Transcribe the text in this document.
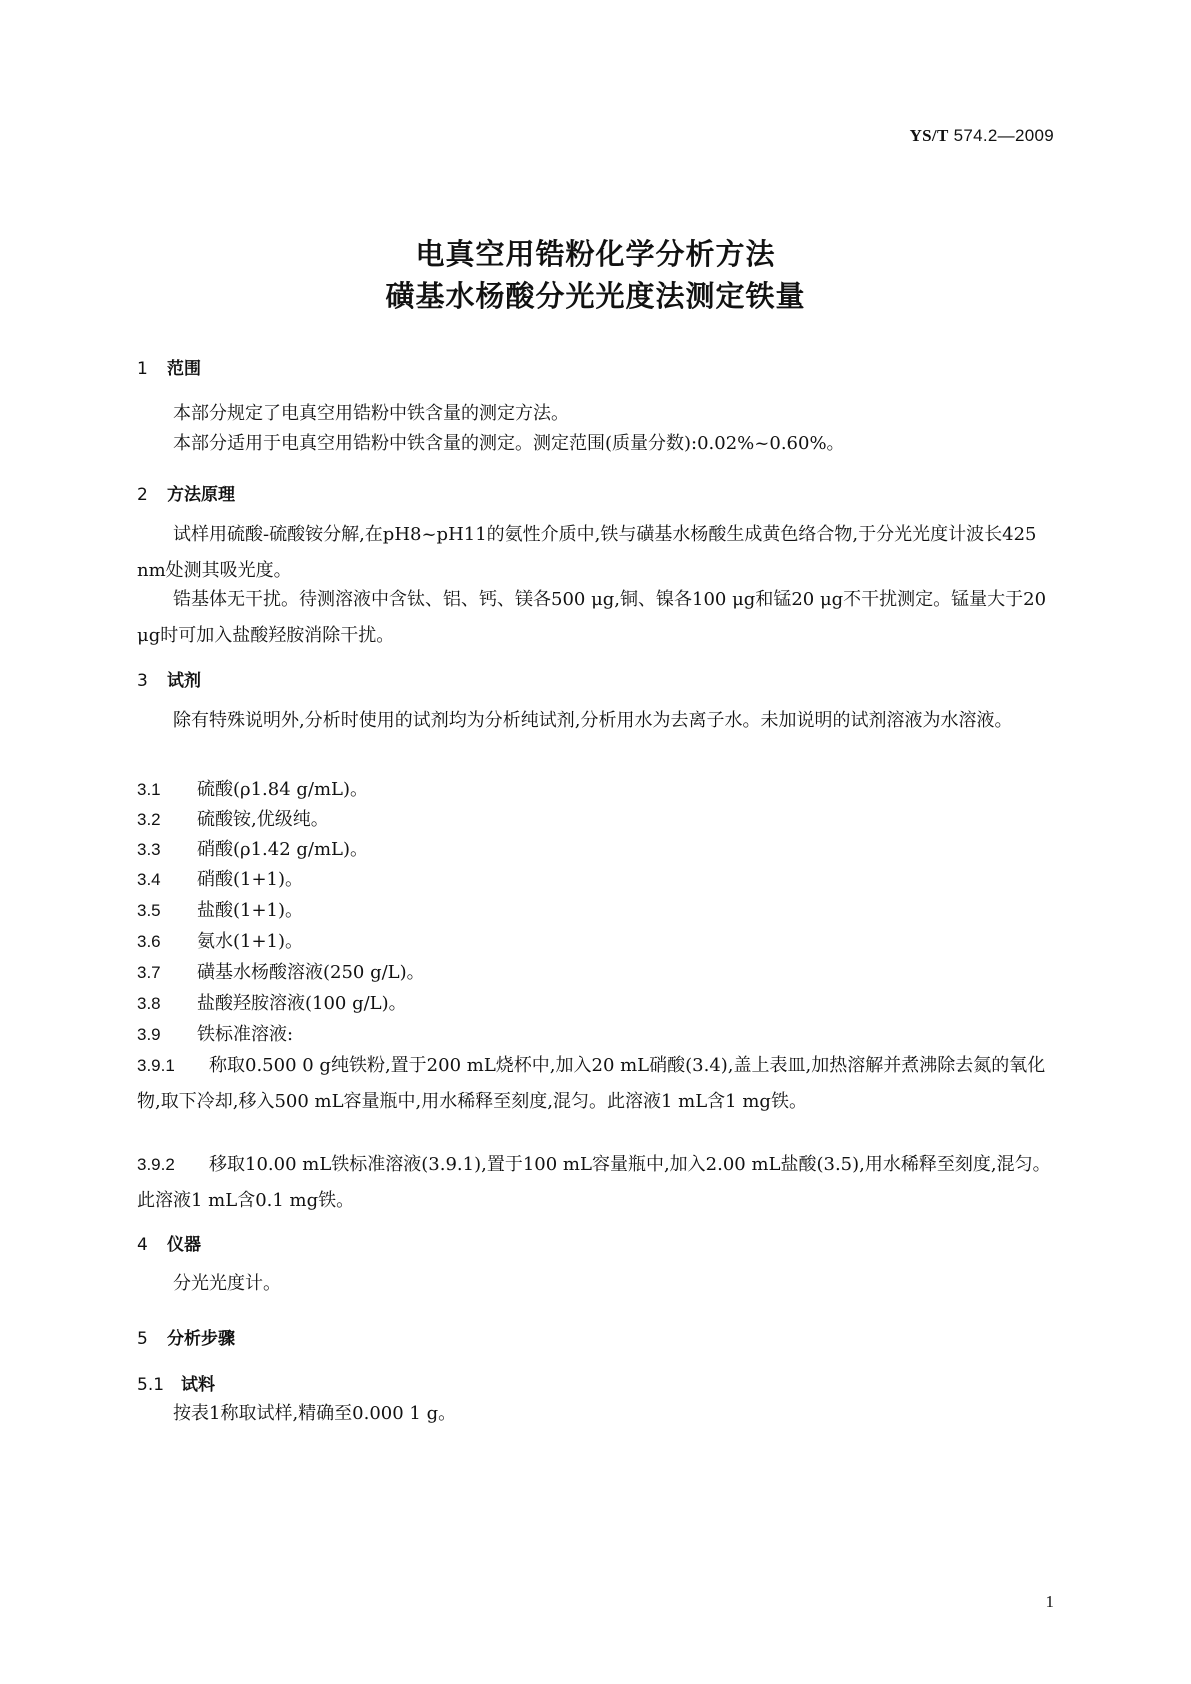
YS/T 574.2—2009
电真空用锆粉化学分析方法
磺基水杨酸分光光度法测定铁量
1 范围
本部分规定了电真空用锆粉中铁含量的测定方法。
本部分适用于电真空用锆粉中铁含量的测定。测定范围(质量分数):0.02%~0.60%。
2 方法原理
试样用硫酸-硫酸铵分解,在pH8~pH11的氨性介质中,铁与磺基水杨酸生成黄色络合物,于分光光度计波长425 nm处测其吸光度。
锆基体无干扰。待测溶液中含钛、铝、钙、镁各500 μg,铜、镍各100 μg和锰20 μg不干扰测定。锰量大于20 μg时可加入盐酸羟胺消除干扰。
3 试剂
除有特殊说明外,分析时使用的试剂均为分析纯试剂,分析用水为去离子水。未加说明的试剂溶液为水溶液。
3.1 硫酸(ρ1.84 g/mL)。
3.2 硫酸铵,优级纯。
3.3 硝酸(ρ1.42 g/mL)。
3.4 硝酸(1+1)。
3.5 盐酸(1+1)。
3.6 氨水(1+1)。
3.7 磺基水杨酸溶液(250 g/L)。
3.8 盐酸羟胺溶液(100 g/L)。
3.9 铁标准溶液:
3.9.1 称取0.500 0 g纯铁粉,置于200 mL烧杯中,加入20 mL硝酸(3.4),盖上表皿,加热溶解并煮沸除去氮的氧化物,取下冷却,移入500 mL容量瓶中,用水稀释至刻度,混匀。此溶液1 mL含1 mg铁。
3.9.2 移取10.00 mL铁标准溶液(3.9.1),置于100 mL容量瓶中,加入2.00 mL盐酸(3.5),用水稀释至刻度,混匀。此溶液1 mL含0.1 mg铁。
4 仪器
分光光度计。
5 分析步骤
5.1 试料
按表1称取试样,精确至0.000 1 g。
1
